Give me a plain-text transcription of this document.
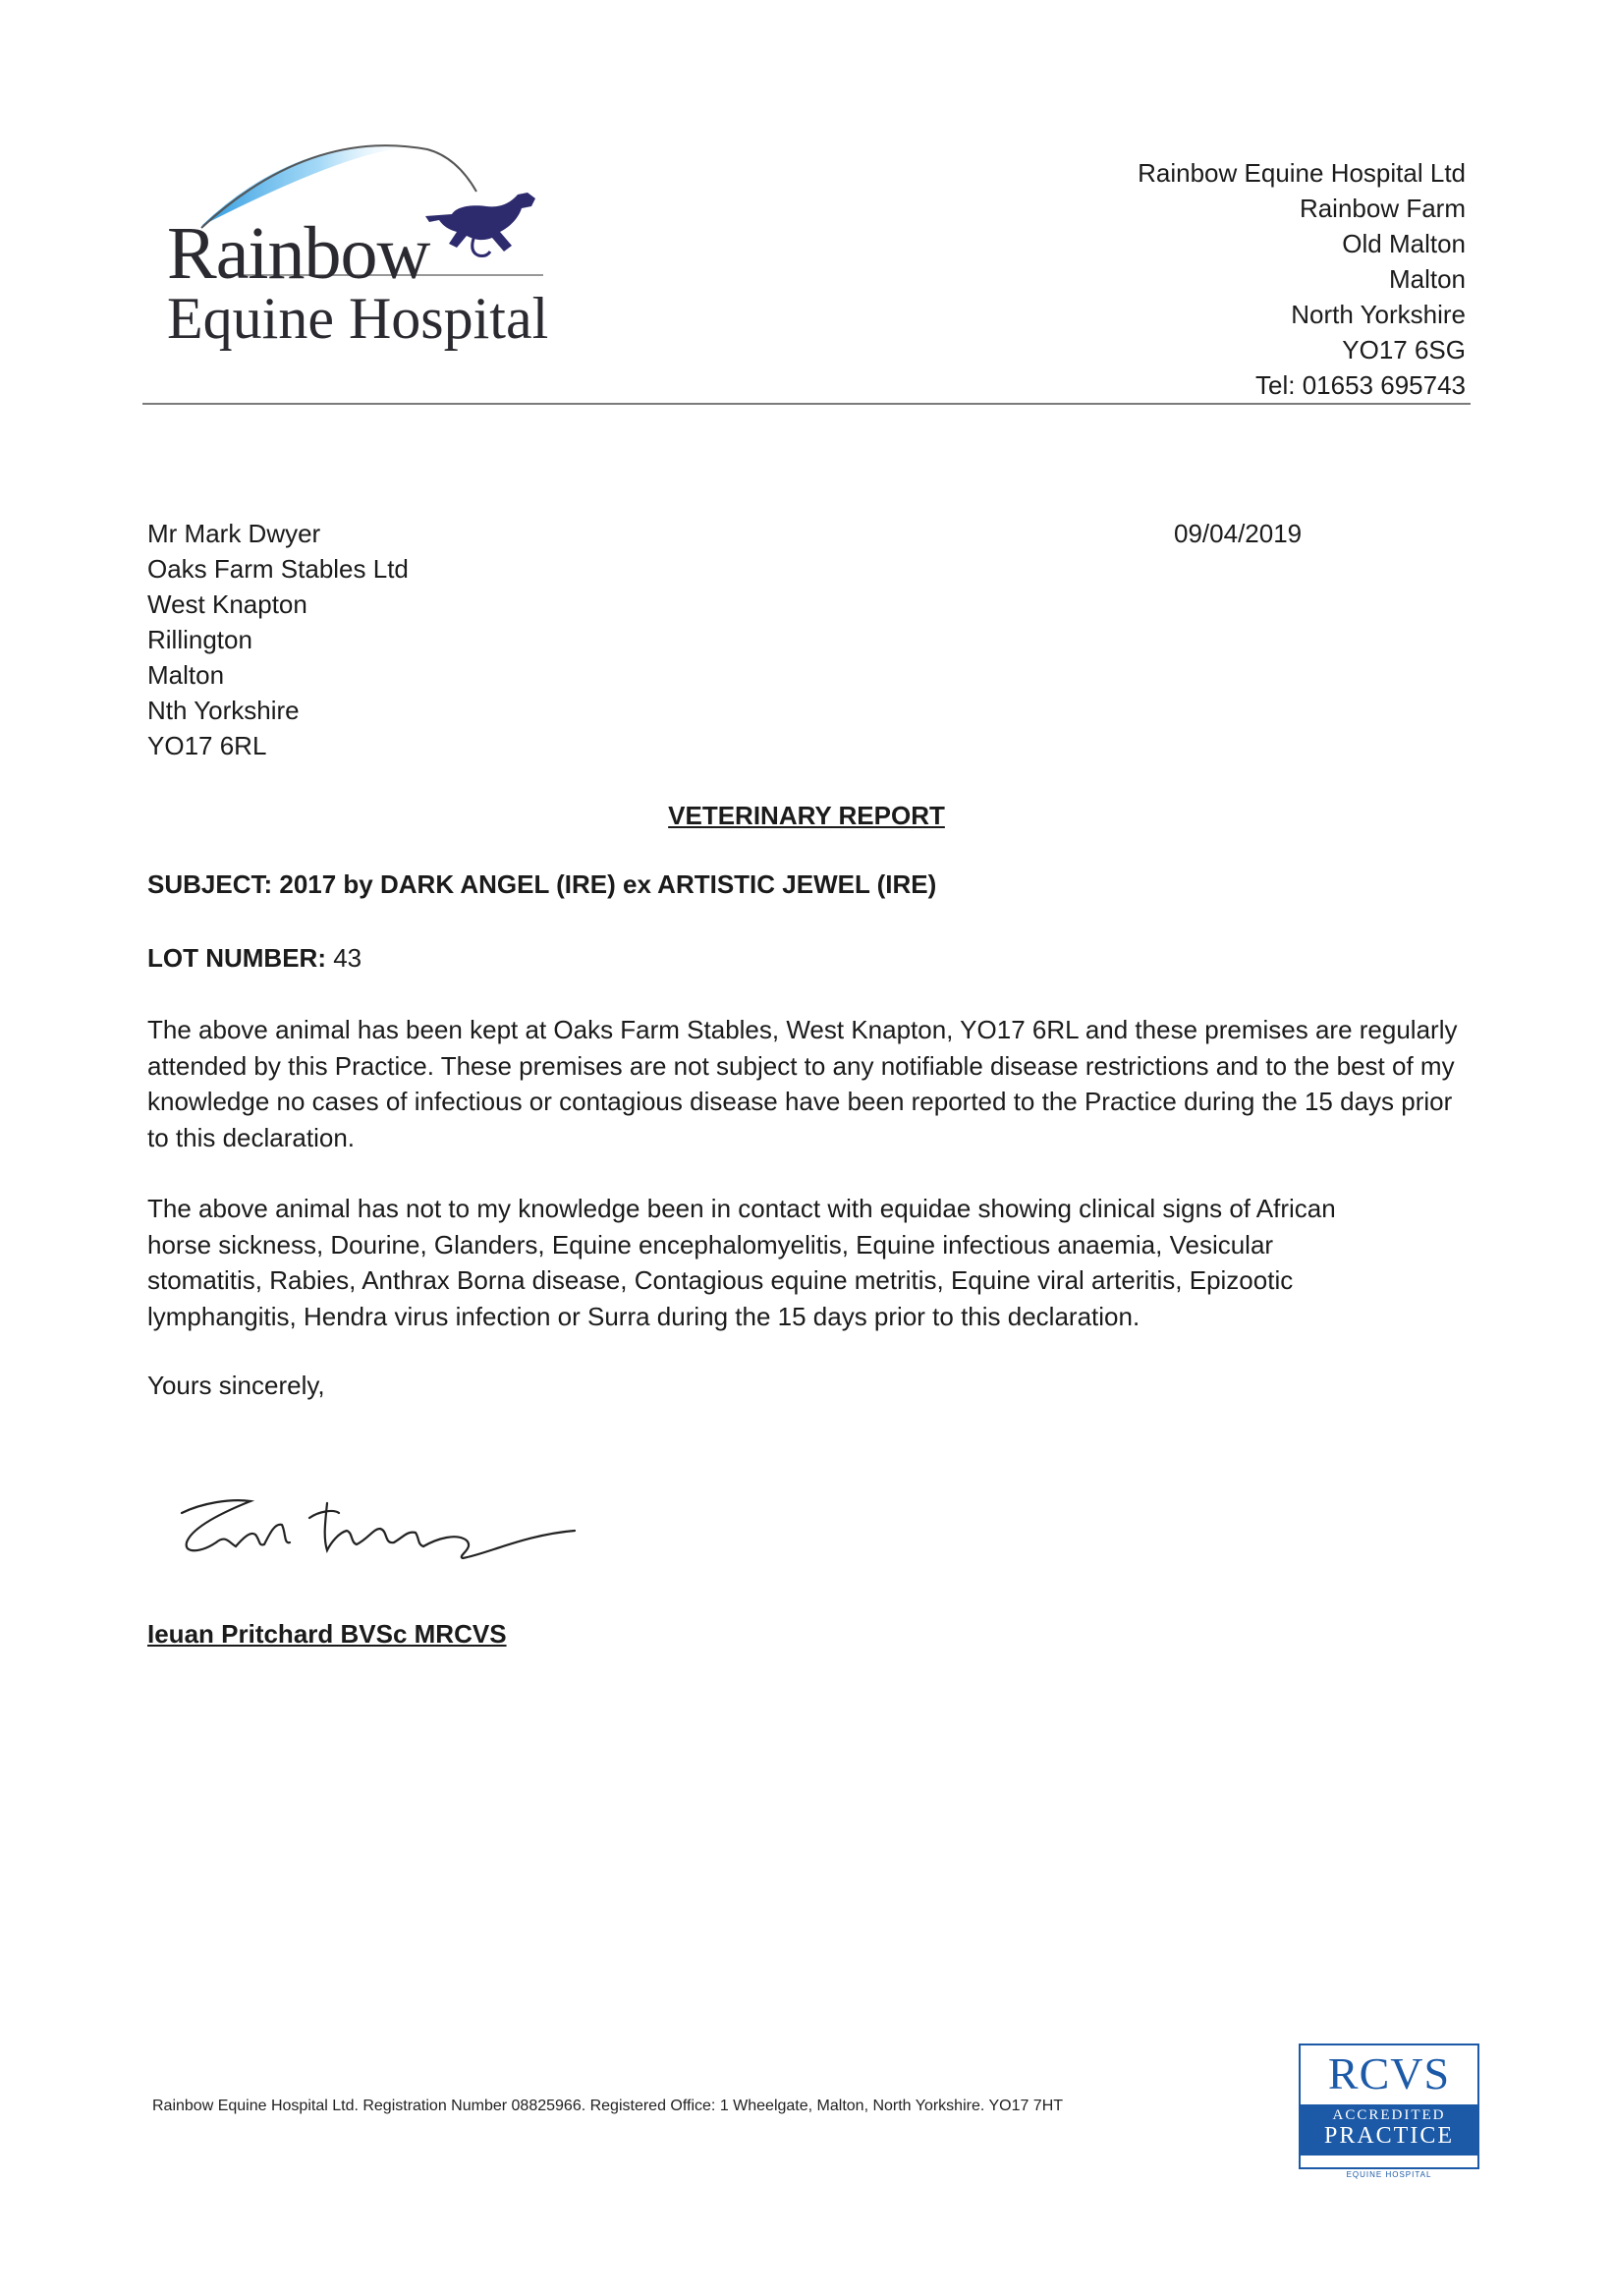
Rainbow
Equine Hospital
Rainbow Equine Hospital Ltd
Rainbow Farm
Old Malton
Malton
North Yorkshire
YO17 6SG
Tel: 01653 695743
Mr Mark Dwyer
Oaks Farm Stables Ltd
West Knapton
Rillington
Malton
Nth Yorkshire
YO17 6RL
09/04/2019
VETERINARY REPORT
SUBJECT: 2017 by DARK ANGEL (IRE) ex ARTISTIC JEWEL (IRE)
LOT NUMBER: 43
The above animal has been kept at Oaks Farm Stables, West Knapton, YO17 6RL and these premises are regularly attended by this Practice. These premises are not subject to any notifiable disease restrictions and to the best of my knowledge no cases of infectious or contagious disease have been reported to the Practice during the 15 days prior to this declaration.
The above animal has not to my knowledge been in contact with equidae showing clinical signs of African horse sickness, Dourine, Glanders, Equine encephalomyelitis, Equine infectious anaemia, Vesicular stomatitis, Rabies, Anthrax Borna disease, Contagious equine metritis, Equine viral arteritis, Epizootic lymphangitis, Hendra virus infection or Surra during the 15 days prior to this declaration.
Yours sincerely,
Ieuan Pritchard BVSc MRCVS
Rainbow Equine Hospital Ltd. Registration Number 08825966. Registered Office: 1 Wheelgate, Malton, North Yorkshire. YO17 7HT
RCVS
ACCREDITED
PRACTICE
EQUINE HOSPITAL
